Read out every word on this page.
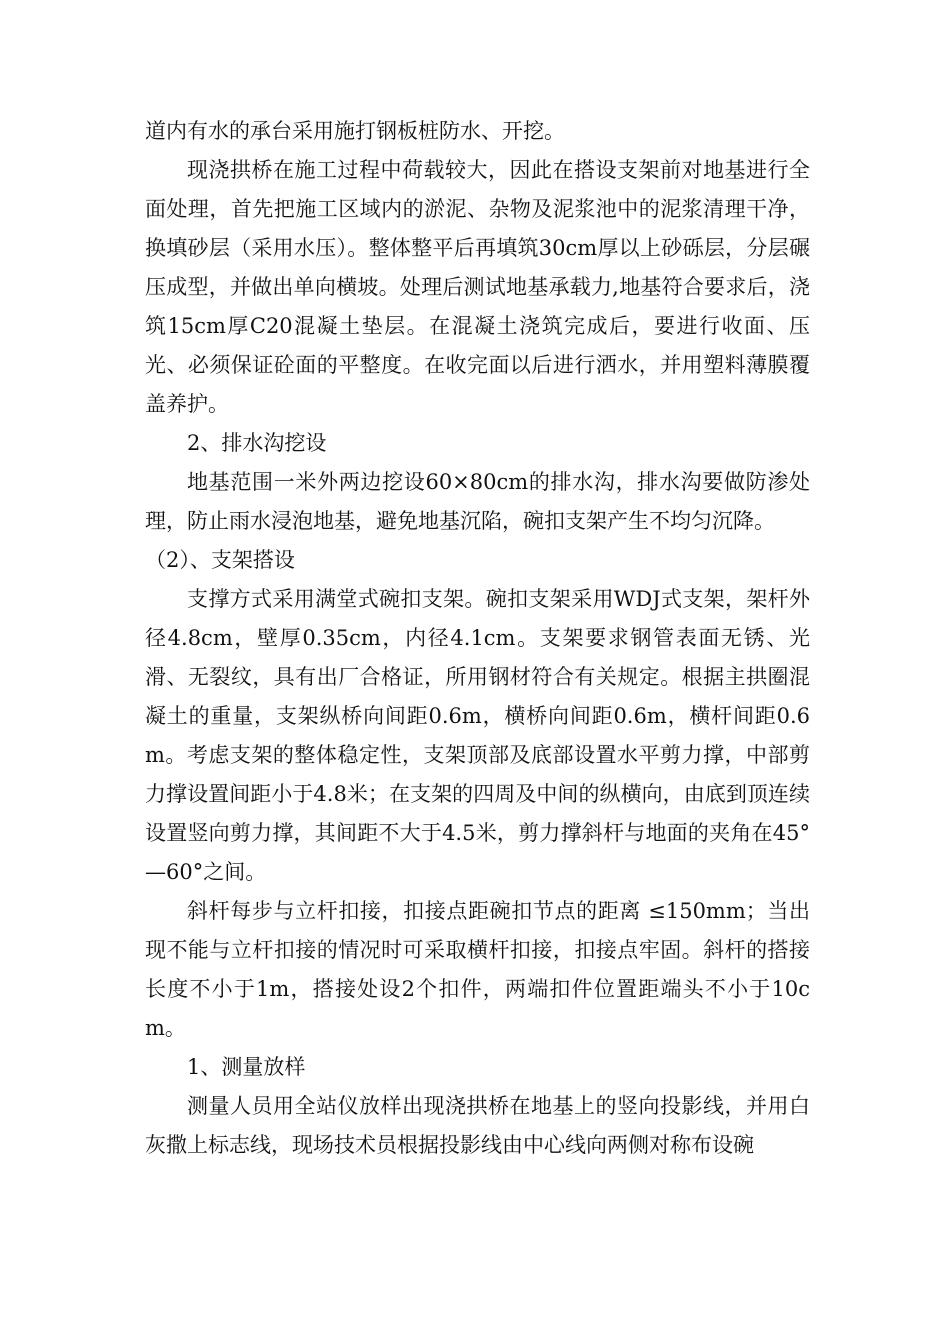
道内有水的承台采用施打钢板桩防水、开挖。

现浇拱桥在施工过程中荷载较大，因此在搭设支架前对地基进行全面处理，首先把施工区域内的淤泥、杂物及泥浆池中的泥浆清理干净，换填砂层（采用水压）。整体整平后再填筑30cm厚以上砂砾层，分层碾压成型，并做出单向横坡。处理后测试地基承载力,地基符合要求后，浇筑15cm厚C20混凝土垫层。在混凝土浇筑完成后，要进行收面、压光、必须保证砼面的平整度。在收完面以后进行洒水，并用塑料薄膜覆盖养护。

2、排水沟挖设

地基范围一米外两边挖设60×80cm的排水沟，排水沟要做防渗处理，防止雨水浸泡地基，避免地基沉陷，碗扣支架产生不均匀沉降。

（2）、支架搭设

支撑方式采用满堂式碗扣支架。碗扣支架采用WDJ式支架，架杆外径4.8cm，壁厚0.35cm，内径4.1cm。支架要求钢管表面无锈、光滑、无裂纹，具有出厂合格证，所用钢材符合有关规定。根据主拱圈混凝土的重量，支架纵桥向间距0.6m，横桥向间距0.6m，横杆间距0.6m。考虑支架的整体稳定性，支架顶部及底部设置水平剪力撑，中部剪力撑设置间距小于4.8米；在支架的四周及中间的纵横向，由底到顶连续设置竖向剪力撑，其间距不大于4.5米，剪力撑斜杆与地面的夹角在45°—60°之间。

斜杆每步与立杆扣接，扣接点距碗扣节点的距离 ≤150mm；当出现不能与立杆扣接的情况时可采取横杆扣接，扣接点牢固。斜杆的搭接长度不小于1m，搭接处设2个扣件，两端扣件位置距端头不小于10cm。

1、测量放样

测量人员用全站仪放样出现浇拱桥在地基上的竖向投影线，并用白灰撒上标志线，现场技术员根据投影线由中心线向两侧对称布设碗
